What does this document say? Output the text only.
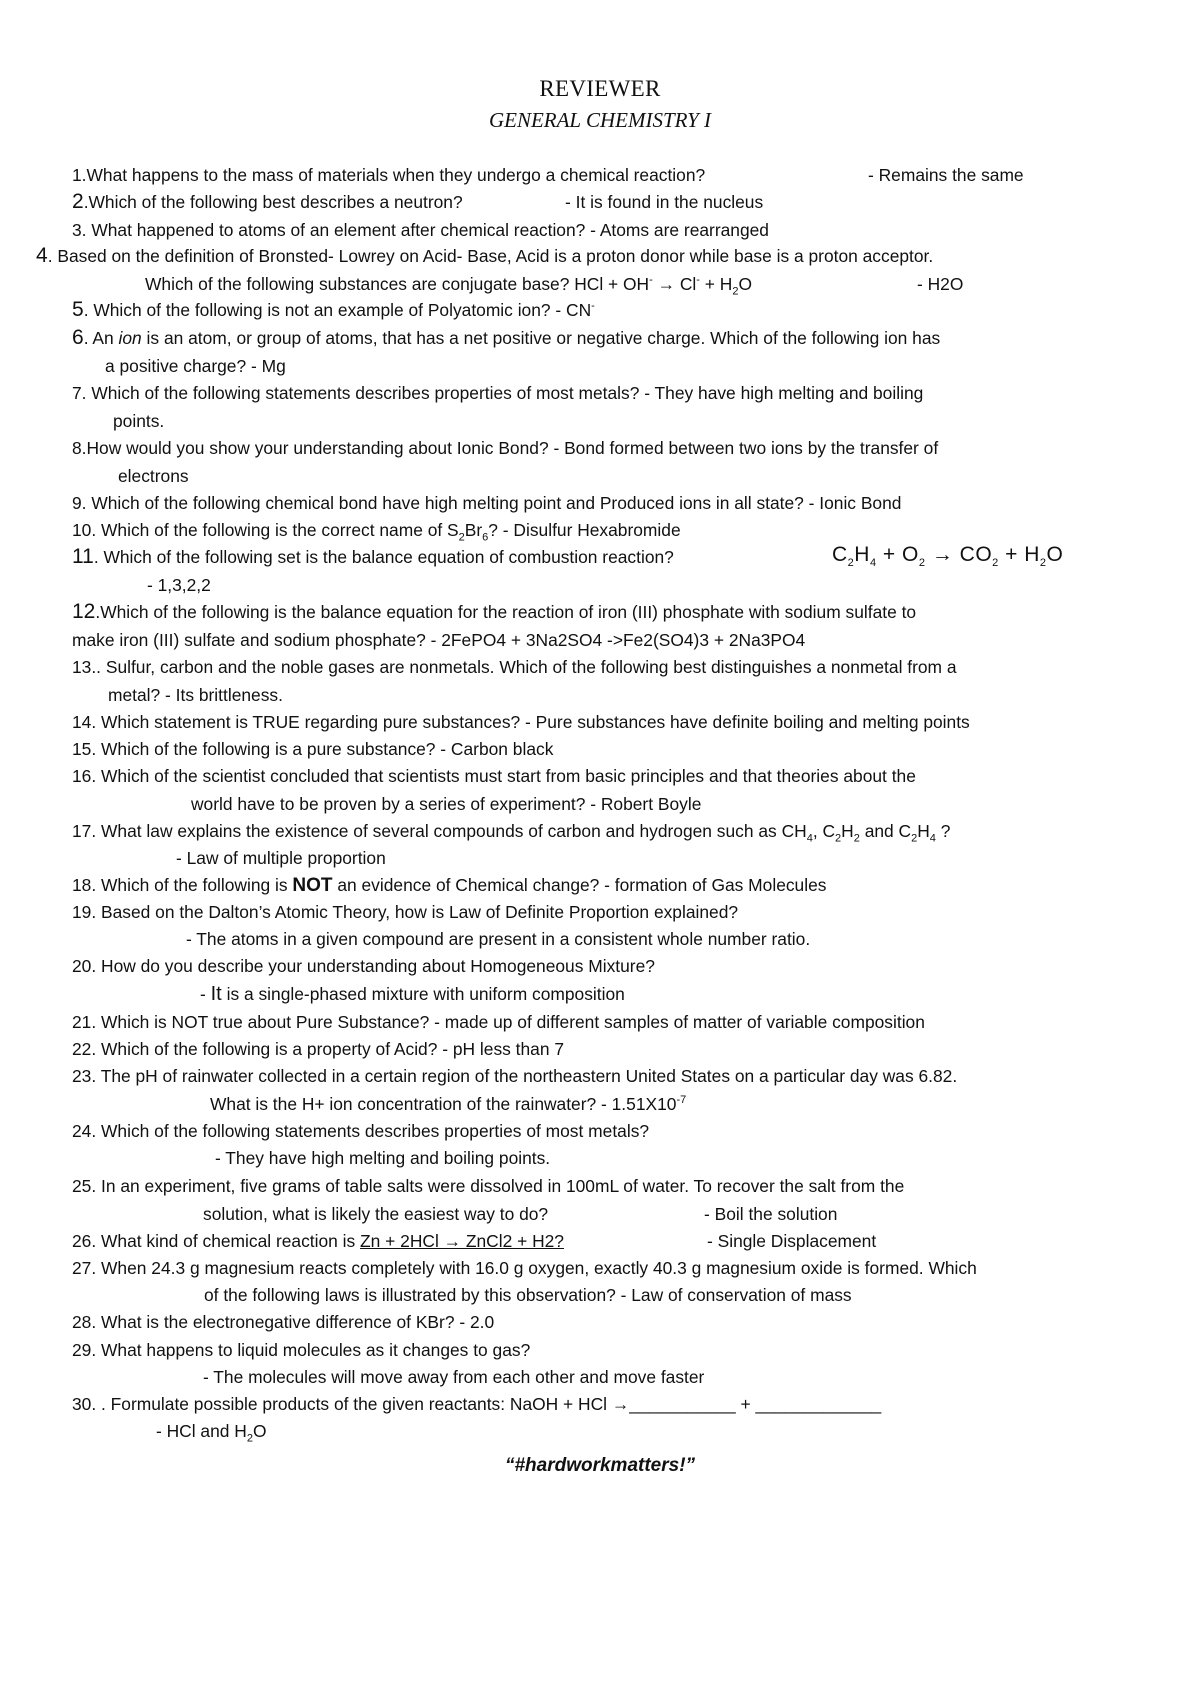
REVIEWER
GENERAL CHEMISTRY I
1.What happens to the mass of materials when they undergo a chemical reaction?	- Remains the same
2.Which of the following best describes a neutron?	- It is found in the nucleus
3. What happened to atoms of an element after chemical reaction? - Atoms are rearranged
4. Based on the definition of Bronsted- Lowrey on Acid- Base, Acid is a proton donor while base is a proton acceptor.
Which of the following substances are conjugate base? HCl + $OH^- \to Cl^- + H_2O$	- H2O
5. Which of the following is not an example of Polyatomic ion? - CN-
6. An ion is an atom, or group of atoms, that has a net positive or negative charge. Which of the following ion has
a positive charge? - Mg
7. Which of the following statements describes properties of most metals? - They have high melting and boiling
points.
8.How would you show your understanding about Ionic Bond? - Bond formed between two ions by the transfer of
electrons
9. Which of the following chemical bond have high melting point and Produced ions in all state? - Ionic Bond
10. Which of the following is the correct name of $S_2Br_6$? - Disulfur Hexabromide
11. Which of the following set is the balance equation of combustion reaction?	$C_2H_4 + O_2 \to CO_2 + H_2O$
- 1,3,2,2
12.Which of the following is the balance equation for the reaction of iron (III) phosphate with sodium sulfate to
make iron (III) sulfate and sodium phosphate? - 2FePO4 + 3Na2SO4 ->Fe2(SO4)3 + 2Na3PO4
13.. Sulfur, carbon and the noble gases are nonmetals. Which of the following best distinguishes a nonmetal from a
metal? - Its brittleness.
14. Which statement is TRUE regarding pure substances? - Pure substances have definite boiling and melting points
15. Which of the following is a pure substance? - Carbon black
16. Which of the scientist concluded that scientists must start from basic principles and that theories about the
world have to be proven by a series of experiment? - Robert Boyle
17. What law explains the existence of several compounds of carbon and hydrogen such as $CH_4$, $C_2H_2$ and $C_2H_4$ ?
- Law of multiple proportion
18. Which of the following is NOT an evidence of Chemical change? - formation of Gas Molecules
19. Based on the Dalton’s Atomic Theory, how is Law of Definite Proportion explained?
- The atoms in a given compound are present in a consistent whole number ratio.
20. How do you describe your understanding about Homogeneous Mixture?
- It is a single-phased mixture with uniform composition
21. Which is NOT true about Pure Substance? - made up of different samples of matter of variable composition
22. Which of the following is a property of Acid? - pH less than 7
23. The pH of rainwater collected in a certain region of the northeastern United States on a particular day was 6.82.
What is the H+ ion concentration of the rainwater? - $1.51X10^{-7}$
24. Which of the following statements describes properties of most metals?
- They have high melting and boiling points.
25. In an experiment, five grams of table salts were dissolved in 100mL of water. To recover the salt from the
solution, what is likely the easiest way to do?	- Boil the solution
26. What kind of chemical reaction is Zn + 2HCl → ZnCl2 + H2?	- Single Displacement
27. When 24.3 g magnesium reacts completely with 16.0 g oxygen, exactly 40.3 g magnesium oxide is formed. Which
of the following laws is illustrated by this observation? - Law of conservation of mass
28. What is the electronegative difference of KBr? - 2.0
29. What happens to liquid molecules as it changes to gas?
- The molecules will move away from each other and move faster
30. . Formulate possible products of the given reactants: NaOH + HCl →___________ + _____________
- HCl and $H_2O$
“#hardworkmatters!”
